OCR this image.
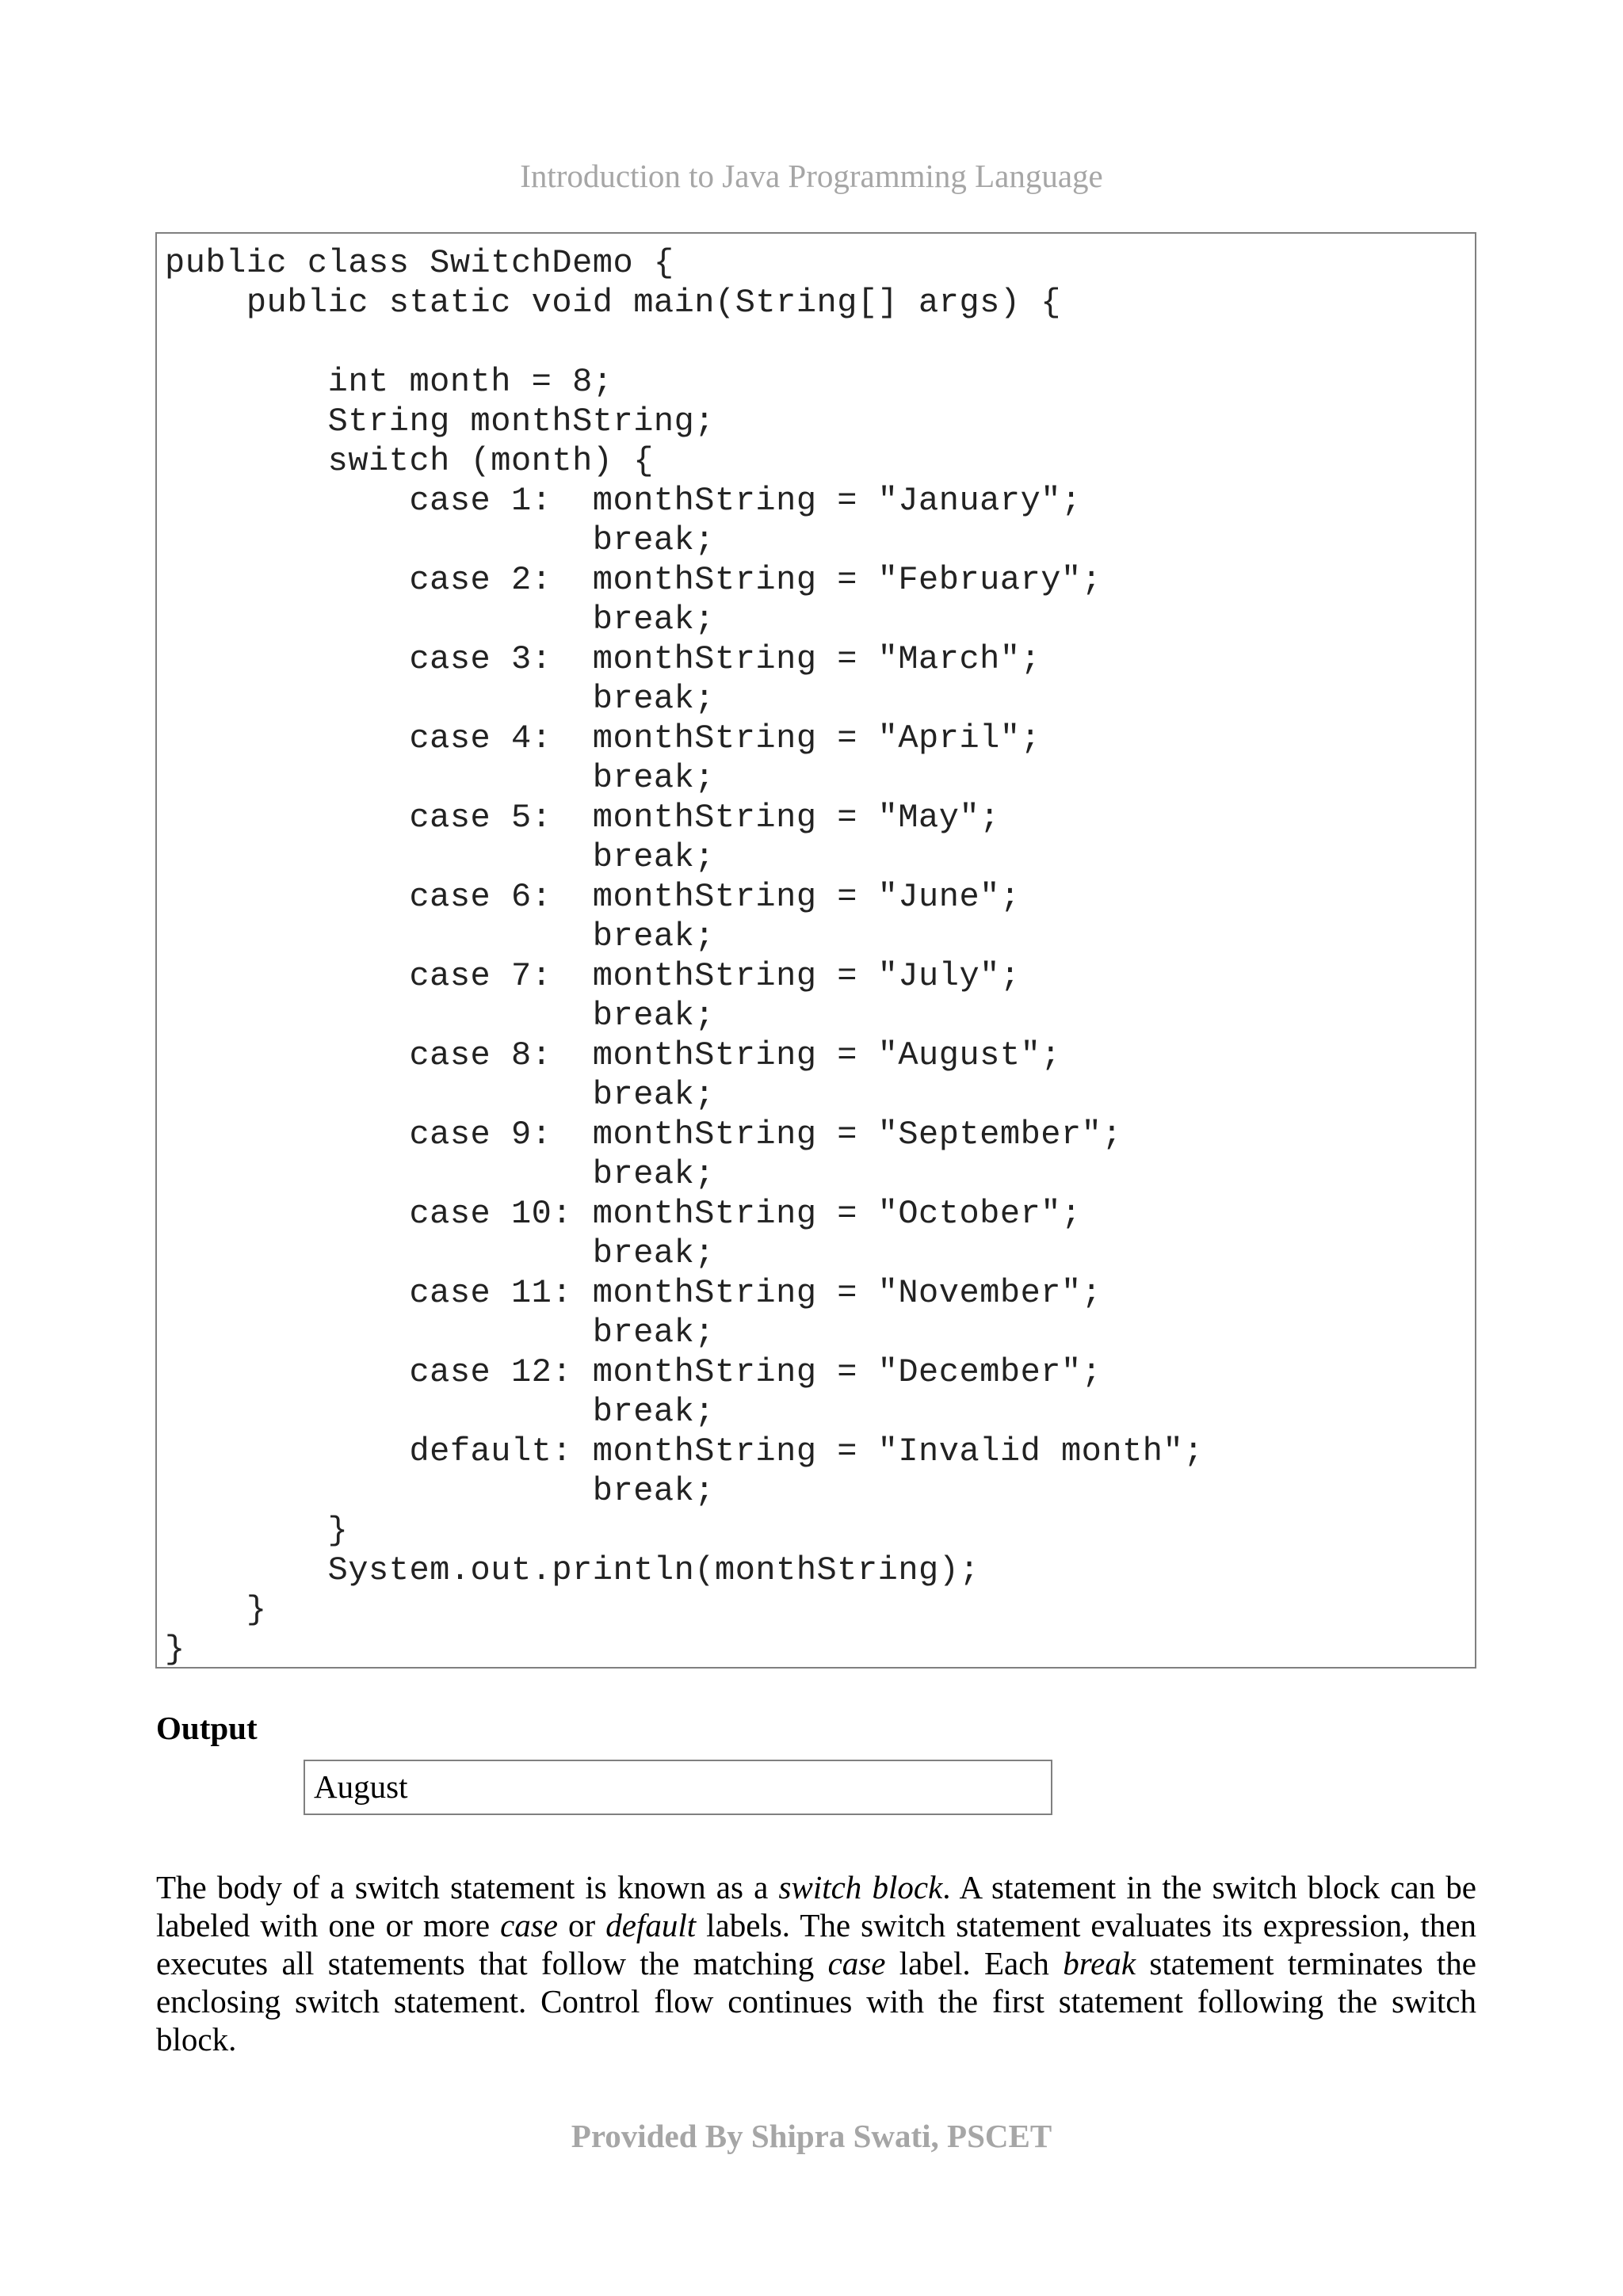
Introduction to Java Programming Language
public class SwitchDemo {
public static void main(String[] args) {
int month = 8;
String monthString;
switch (month) {
case 1:  monthString = "January";
break;
case 2:  monthString = "February";
break;
case 3:  monthString = "March";
break;
case 4:  monthString = "April";
break;
case 5:  monthString = "May";
break;
case 6:  monthString = "June";
break;
case 7:  monthString = "July";
break;
case 8:  monthString = "August";
break;
case 9:  monthString = "September";
break;
case 10: monthString = "October";
break;
case 11: monthString = "November";
break;
case 12: monthString = "December";
break;
default: monthString = "Invalid month";
break;
}
System.out.println(monthString);
}
}
Output
August
The body of a switch statement is known as a switch block. A statement in the switch block can be labeled with one or more case or default labels. The switch statement evaluates its expression, then executes all statements that follow the matching case label. Each break statement terminates the enclosing switch statement. Control flow continues with the first statement following the switch block.
Provided By Shipra Swati, PSCET
